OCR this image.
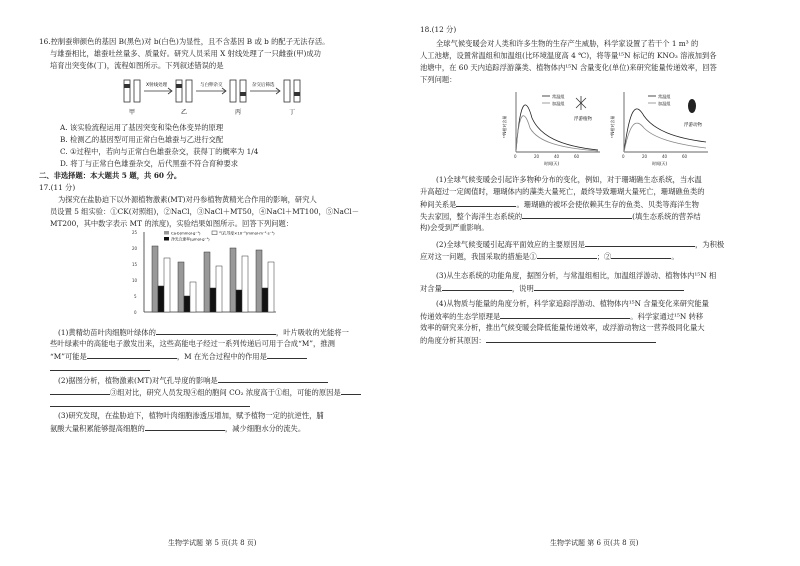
16.控制蚕卵颜色的基因 B(黑色)对 b(白色)为显性，且不含基因 B 或 b 的配子无法存活。
与雄蚕相比，雄蚕吐丝量多、质量好。研究人员采用 X 射线处理了一只雌蚕(甲)成功
培育出突变体(丁)，流程如图所示。下列叙述错误的是
X射线处理	与白卵杂交	杂交后筛选
甲	乙	丙	丁
A. 该实验流程运用了基因突变和染色体变异的原理
B. 检测乙的基因型可用正常白色雄蚕与乙进行交配
C. ①过程中，若向与正常白色雄蚕杂交，获得丁的概率为 1/4
D. 将丁与正常白色雄蚕杂交，后代黑蚕不符合育种要求
二、非选择题：本大题共 5 题，共 60 分。
17.(11 分)
为探究在盐胁迫下以外源植物激素(MT)对丹参植物黄精光合作用的影响，研究人
员设置 5 组实验：①CK(对照组)，②NaCl，③NaCl＋MT50，④NaCl＋MT100，⑤NaCl－
MT200，其中数字表示 MT 的浓度)，实验结果如图所示。回答下列问题：
0
5
10
15
20
25	Ca·b(mmol·g⁻¹)
净光合速率(μmol·g⁻¹)
气孔导度×10⁻²(mmol·m⁻²·s⁻¹)
(1)黄精幼苗叶肉细胞叶绿体的	，叶片吸收的光能将一
些叶绿素中的高能电子激发出来，这些高能电子经过一系列传递后可用于合成“M”，推测
“M”可能是	，M 在光合过程中的作用是
(2)据图分析，植物激素(MT)对气孔导度的影响是
③组对比，研究人员发现④组的胞间 CO₂ 浓度高于①组，可能的原因是
(3)研究发现，在盐胁迫下，植物叶肉细胞渗透压增加，赋予植物一定的抗逆性，脯
氨酸大量积累能够提高细胞的	，减少细胞水分的流失。
生物学试题 第 5 页(共 8 页)
18.(12 分)
全球气候变暖会对人类和许多生物的生存产生威胁，科学家设置了若干个 1 m³ 的
人工池塘，设置常温组和加温组(比环境温度高 4 ℃)，将等量¹⁵N 标记的 KNO₃ 溶液加到各
池塘中，在 60 天内追踪浮游藻类、植物体内¹⁵N 含量变化(单位)来研究能量传递效率，回答
下列问题：
常温组
加温组
0	20	40	60
¹⁵N相对含量
时间(天)
浮游植物
常温组
加温组
0	20	40	60
¹⁵N相对含量
时间(天)
浮游动物
(1)全球气候变暖会引起许多物种分布的变化，例如，对于珊瑚礁生态系统，当水温
升高超过一定阈值时，珊瑚体内的藻类大量死亡，最终导致珊瑚大量死亡，珊瑚礁鱼类的
种间关系是	。珊瑚礁的被坏会使依赖其生存的鱼类、贝类等海洋生物
失去家园，整个海洋生态系统的	(填生态系统的营养结
构)会受到严重影响。
(2)全球气候变暖引起海平面效应的主要原因是	，为积极
应对这一问题，我国采取的措施是①	；②	。
(3)从生态系统的功能角度，据图分析，与常温组相比，加温组浮游动、植物体内¹⁵N 相
对含量	，说明
(4)从物质与能量的角度分析，科学家追踪浮游动、植物体内¹⁵N 含量变化来研究能量
传递效率的生态学原理是	。科学家通过¹⁵N 转移
效率的研究来分析，推出气候变暖会降低能量传递效率，或浮游动物这一营养级同化量大
的角度分析其原因：
生物学试题 第 6 页(共 8 页)
